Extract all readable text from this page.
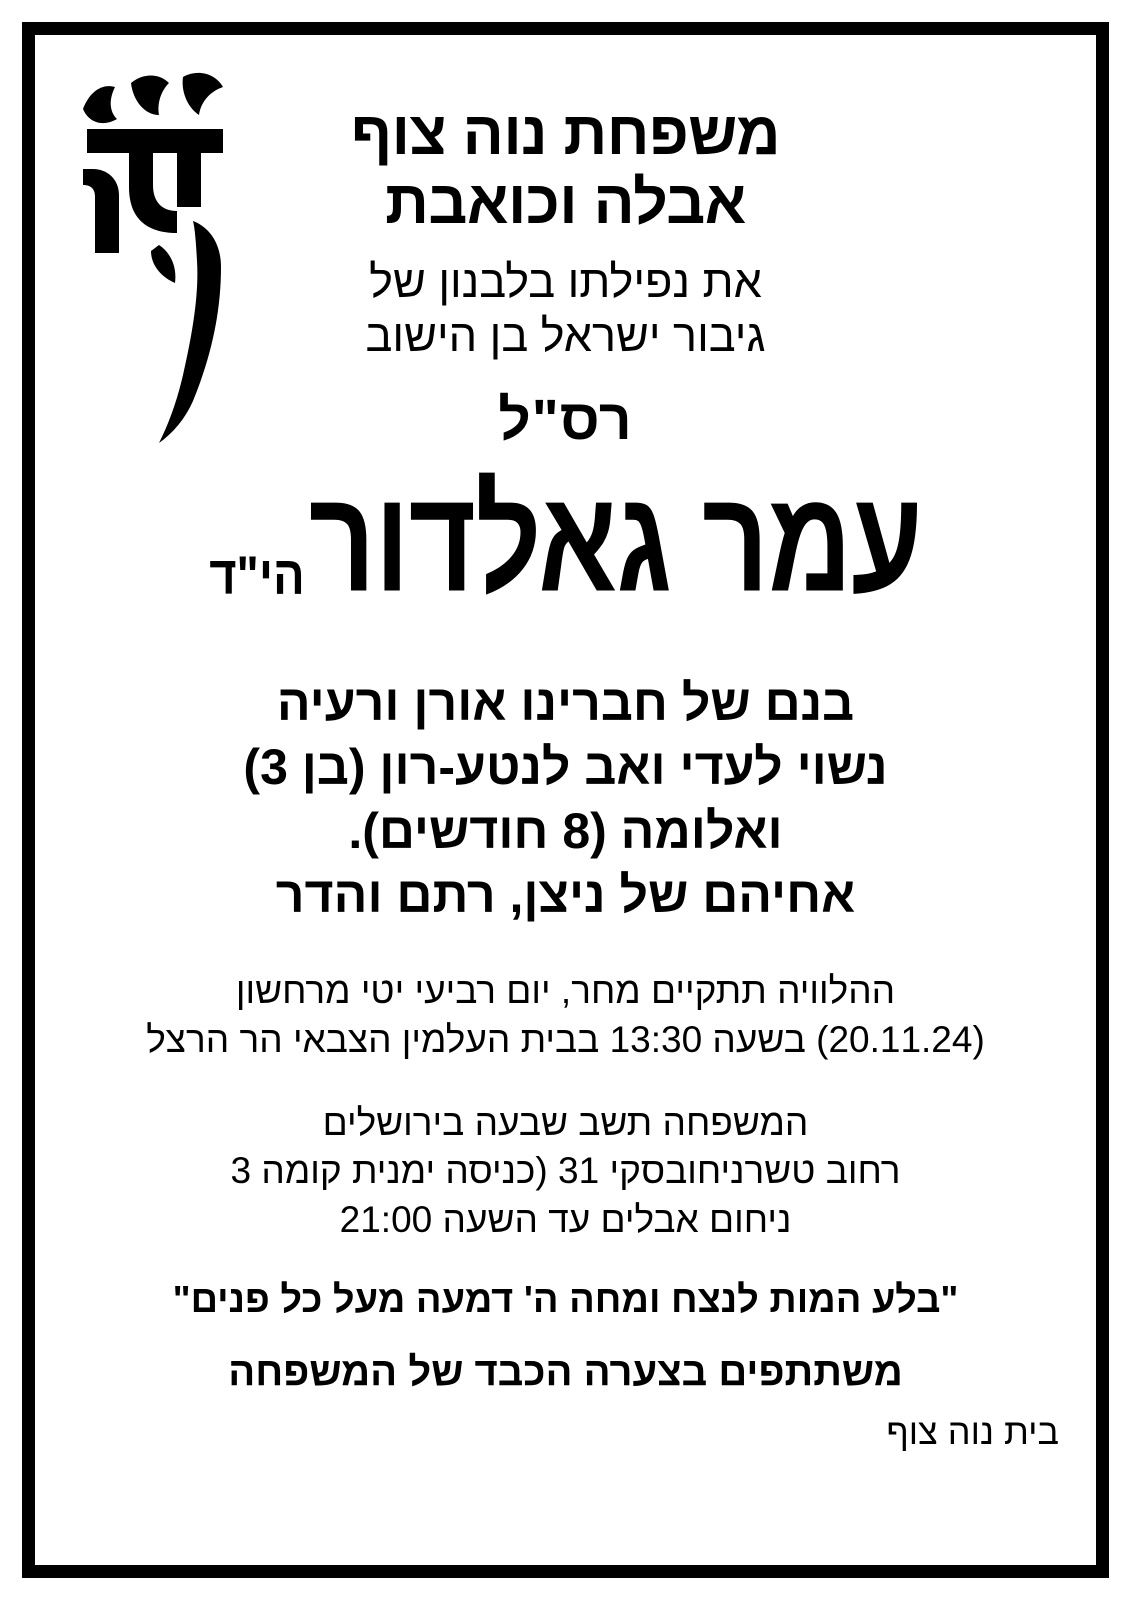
משפחת נוה צוף
אבלה וכואבת
את נפילתו בלבנון של
גיבור ישראל בן הישוב
רס"ל
עמר גאלדור
הי"ד
בנם של חברינו אורן ורעיה
נשוי לעדי ואב לנטע-רון (בן 3)
ואלומה (8 חודשים).
אחיהם של ניצן, רתם והדר
ההלוויה תתקיים מחר, יום רביעי יטי מרחשון
(20.11.24) בשעה 13:30 בבית העלמין הצבאי הר הרצל
המשפחה תשב שבעה בירושלים
רחוב טשרניחובסקי 31 (כניסה ימנית קומה 3
ניחום אבלים עד השעה 21:00
"בלע המות לנצח ומחה ה' דמעה מעל כל פנים"
משתתפים בצערה הכבד של המשפחה
בית נוה צוף
